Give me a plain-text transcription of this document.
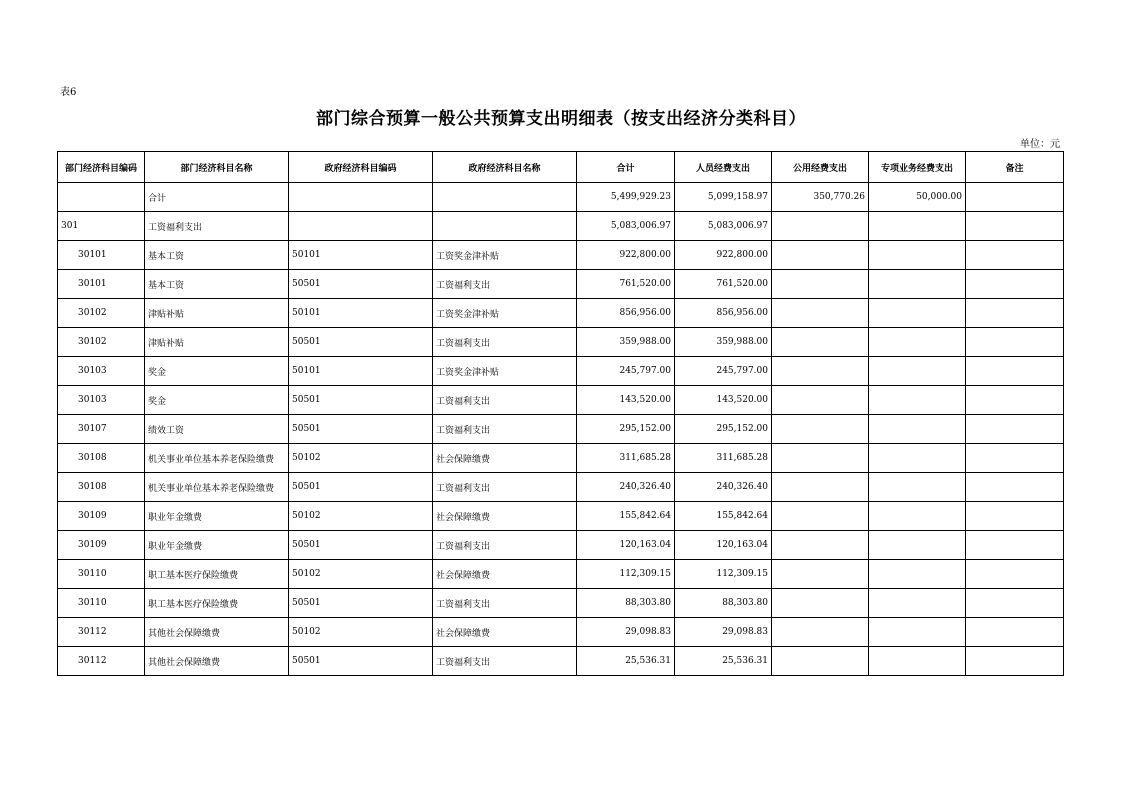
表6
部门综合预算一般公共预算支出明细表（按支出经济分类科目）
单位：元
部门经济科目编码	部门经济科目名称	政府经济科目编码	政府经济科目名称	合计	人员经费支出	公用经费支出	专项业务经费支出	备注
	合计			5,499,929.23	5,099,158.97	350,770.26	50,000.00	
301	工资福利支出			5,083,006.97	5,083,006.97			
30101	基本工资	50101	工资奖金津补贴	922,800.00	922,800.00			
30101	基本工资	50501	工资福利支出	761,520.00	761,520.00			
30102	津贴补贴	50101	工资奖金津补贴	856,956.00	856,956.00			
30102	津贴补贴	50501	工资福利支出	359,988.00	359,988.00			
30103	奖金	50101	工资奖金津补贴	245,797.00	245,797.00			
30103	奖金	50501	工资福利支出	143,520.00	143,520.00			
30107	绩效工资	50501	工资福利支出	295,152.00	295,152.00			
30108	机关事业单位基本养老保险缴费	50102	社会保障缴费	311,685.28	311,685.28			
30108	机关事业单位基本养老保险缴费	50501	工资福利支出	240,326.40	240,326.40			
30109	职业年金缴费	50102	社会保障缴费	155,842.64	155,842.64			
30109	职业年金缴费	50501	工资福利支出	120,163.04	120,163.04			
30110	职工基本医疗保险缴费	50102	社会保障缴费	112,309.15	112,309.15			
30110	职工基本医疗保险缴费	50501	工资福利支出	88,303.80	88,303.80			
30112	其他社会保障缴费	50102	社会保障缴费	29,098.83	29,098.83			
30112	其他社会保障缴费	50501	工资福利支出	25,536.31	25,536.31			
